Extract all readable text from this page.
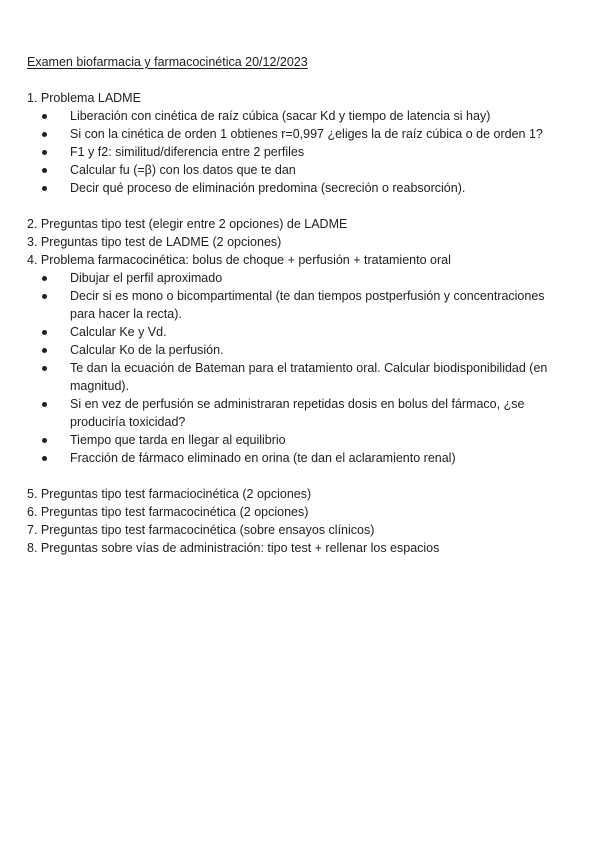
Examen biofarmacia y farmacocinética 20/12/2023
1. Problema LADME
Liberación con cinética de raíz cúbica (sacar Kd y tiempo de latencia si hay)
Si con la cinética de orden 1 obtienes r=0,997 ¿eliges la de raíz cúbica o de orden 1?
F1 y f2: similitud/diferencia entre 2 perfiles
Calcular fu (=β) con los datos que te dan
Decir qué proceso de eliminación predomina (secreción o reabsorción).
2. Preguntas tipo test (elegir entre 2 opciones) de LADME
3. Preguntas tipo test de LADME (2 opciones)
4. Problema farmacocinética: bolus de choque + perfusión + tratamiento oral
Dibujar el perfil aproximado
Decir si es mono o bicompartimental (te dan tiempos postperfusión y concentraciones para hacer la recta).
Calcular Ke y Vd.
Calcular Ko de la perfusión.
Te dan la ecuación de Bateman para el tratamiento oral. Calcular biodisponibilidad (en magnitud).
Si en vez de perfusión se administraran repetidas dosis en bolus del fármaco, ¿se produciría toxicidad?
Tiempo que tarda en llegar al equilibrio
Fracción de fármaco eliminado en orina (te dan el aclaramiento renal)
5. Preguntas tipo test farmaciocinética (2 opciones)
6. Preguntas tipo test farmacocinética (2 opciones)
7. Preguntas tipo test farmacocinética (sobre ensayos clínicos)
8. Preguntas sobre vías de administración: tipo test + rellenar los espacios
